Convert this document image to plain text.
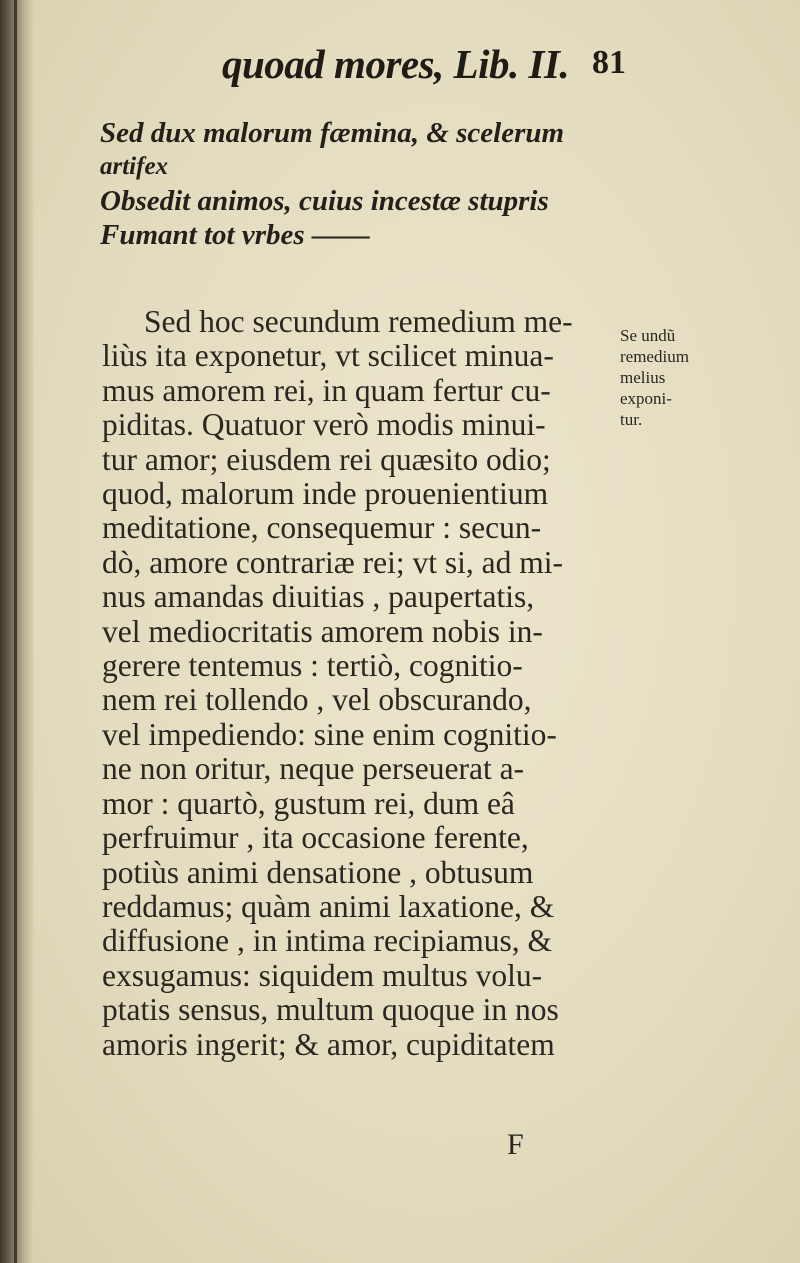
quoad mores, Lib. II. 81
Sed dux malorum fæmina, & scelerum
artifex
Obsedit animos, cuius incestæ stupris
Fumant tot vrbes ——
Sed hoc secundum remedium me-
liùs ita exponetur, vt scilicet minua-
mus amorem rei, in quam fertur cu-
piditas. Quatuor verò modis minui-
tur amor; eiusdem rei quæsito odio;
quod, malorum inde prouenientium
meditatione, consequemur : secun-
dò, amore contrariæ rei; vt si, ad mi-
nus amandas diuitias , paupertatis,
vel mediocritatis amorem nobis in-
gerere tentemus : tertiò, cognitio-
nem rei tollendo , vel obscurando,
vel impediendo: sine enim cognitio-
ne non oritur, neque perseuerat a-
mor : quartò, gustum rei, dum eâ
perfruimur , ita occasione ferente,
potiùs animi densatione , obtusum
reddamus; quàm animi laxatione, &
diffusione , in intima recipiamus, &
exsugamus: siquidem multus volu-
ptatis sensus, multum quoque in nos
amoris ingerit; & amor, cupiditatem
Se undũ
remedium
melius
exponi-
tur.
F
